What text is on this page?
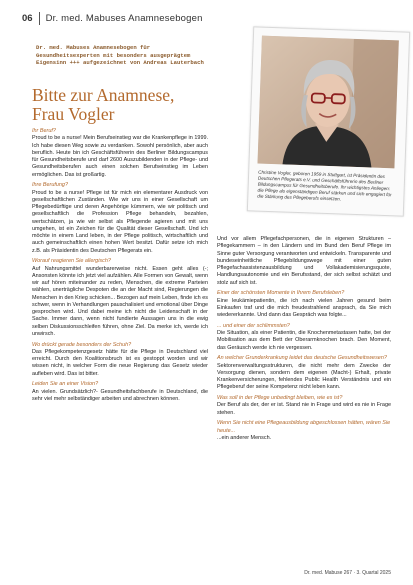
06 Dr. med. Mabuses Anamnesebogen
Dr. med. Mabuses Anamnesebogen für
Gesundheitsexperten mit besonders ausgeprägtem
Eigensinn +++ aufgezeichnet von Andreas Lauterbach
Bitte zur Anamnese,
Frau Vogler
Christine Vogler, geboren 1959 in Stuttgart, ist Präsidentin des Deutschen Pflegerats e.V. und Geschäftsführerin des Berliner Bildungscampus für Gesundheitsberufe. Ihr wichtigstes Anliegen: die Pflege als eigenständigen Beruf stärken und sich engagiert für die Stärkung des Pflegeberufs einsetzen.
Ihr Beruf?
Proud to be a nurse! Mein Berufseinstieg war die Krankenpflege in 1999. Ich habe diesen Weg sowie zu verdanken. Sowohl persönlich, aber auch beruflich. Heute bin ich Geschäftsführerin des Berliner Bildungscampus für Gesundheitsberufe und darf 2600 Auszubildenden in der Pflege- und Gesundheitsberufen auch einen solchen Berufseinstieg im Leben ermöglichen. Das ist großartig.
Ihre Berufung?
Proud to be a nurse! Pflege ist für mich ein elementarer Ausdruck von gesellschaftlichen Zuständen. Wie wir uns in einer Gesellschaft um Pflegebedürftige und deren Angehörige kümmern, wie wir politisch und gesellschaftlich die Profession Pflege behandeln, bezahlen, wertschätzen, ja wie wir selbst als Pflegende agieren und mit uns umgehen, ist ein Zeichen für die Qualität dieser Gesellschaft. Und ich möchte in einem Land leben, in der Pflege politisch, wirtschaftlich und auch gemeinschaftlich einen hohen Wert besitzt. Dafür setze ich mich z.B. als Präsidentin des Deutschen Pflegerats ein.
Worauf reagieren Sie allergisch?
Auf Nahrungsmittel wunderbarerweise nicht. Essen geht alles (-; Ansonsten könnte ich jetzt viel aufzählen. Alle Formen von Gewalt, wenn wir auf hören miteinander zu reden, Menschen, die extreme Parteien wählen, unerträgliche Despoten die an der Macht sind, Regierungen die Menschen in den Krieg schicken... Bezogen auf mein Leben, finde ich es schwer, wenn in Verhandlungen pauschalisiert und emotional über Dinge gesprochen wird. Und dabei meine ich nicht die Leidenschaft in der Sache. Immer dann, wenn nicht fundierte Aussagen uns in die ewig selben Diskussionsschleifen führen, ohne Ziel. Da merke ich, werde ich unwirsch.
Wo drückt gerade besonders der Schuh?
Das Pflegekompetenzgesetz hätte für die Pflege in Deutschland viel erreicht. Durch den Koalitionsbruch ist es gestoppt worden und wir wissen nicht, in welcher Form die neue Regierung das Gesetz wieder aufleben wird. Das ist bitter.
Leiden Sie an einer Vision?
An vielen. Grundsätzlich?- Gesundheitsfachberufe in Deutschland, die sehr viel mehr selbständiger arbeiten und abrechnen können.
Und vor allem Pflegefachpersonen, die in eigenen Strukturen – Pflegekammern – in den Ländern und im Bund den Beruf Pflege im Sinne guter Versorgung verantworten und entwickeln. Transparente und bundeseinheitliche Pflegebildungswege mit einer guten Pflegefachassistenzausbildung und Vollakademisierungsquote, Handlungsautonomie und ein Berufsstand, der sich selbst schätzt und stolz auf sich ist.
Einer der schönsten Momente in Ihrem Berufsleben?
Eine leukämiepatientin, die ich nach vielen Jahren gesund beim Einkaufen traf und die mich freudestrahlend ansprach, da Sie mich wiedererkannte. Und dann das Gespräch was folgte...
... und einer der schlimmsten?
Die Situation, als einer Patientin, die Knochenmetastasen hatte, bei der Mobilisation aus dem Bett der Oberarmknochen brach. Den Moment, das Geräusch werde ich nie vergessen.
An welcher Grunderkrankung leidet das deutsche Gesundheitswesen?
Sektorenverwaltungsstrukturen, die nicht mehr dem Zwecke der Versorgung dienen, sondern dem eigenen (Macht-) Erhalt, private Krankenversicherungen, fehlendes Public Health Verständnis und ein Pflegeberuf der seine Kompetenz nicht leben kann.
Was soll in der Pflege unbedingt bleiben, wie es ist?
Der Beruf als der, der er ist. Stand nie in Frage und wird es nie in Frage stehen.
Wenn Sie nicht eine Pflegeausbildung abgeschlossen hätten, wären Sie heute...
...ein anderer Mensch.
Dr. med. Mabuse 267 · 3. Quartal 2025
